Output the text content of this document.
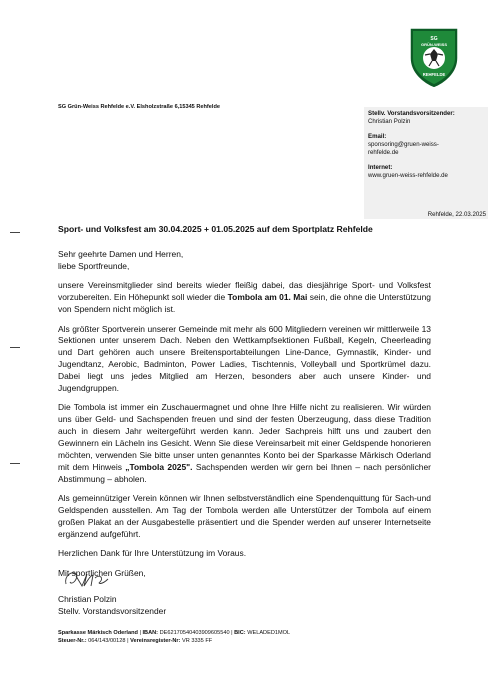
SG
GRÜN-WEISS
REHFELDE
SG Grün-Weiss Rehfelde e.V. Elsholzstraße 6,15345 Rehfelde
Stellv. Vorstandsvorsitzender:
Christian Polzin
Email:
sponsoring@gruen-weiss-rehfelde.de
Internet:
www.gruen-weiss-rehfelde.de
Rehfelde, 22.03.2025
Sport- und Volksfest am 30.04.2025 + 01.05.2025 auf dem Sportplatz Rehfelde

Sehr geehrte Damen und Herren,

liebe Sportfreunde,

unsere Vereinsmitglieder sind bereits wieder fleißig dabei, das diesjährige Sport- und Volksfest vorzubereiten. Ein Höhepunkt soll wieder die Tombola am 01. Mai sein, die ohne die Unterstützung von Spendern nicht möglich ist.

Als größter Sportverein unserer Gemeinde mit mehr als 600 Mitgliedern vereinen wir mittlerweile 13 Sektionen unter unserem Dach. Neben den Wettkampfsektionen Fußball, Kegeln, Cheerleading und Dart gehören auch unsere Breitensportabteilungen Line-Dance, Gymnastik, Kinder- und Jugendtanz, Aerobic, Badminton, Power Ladies, Tischtennis, Volleyball und Sportkrümel dazu. Dabei liegt uns jedes Mitglied am Herzen, besonders aber auch unsere Kinder- und Jugendgruppen.

Die Tombola ist immer ein Zuschauermagnet und ohne Ihre Hilfe nicht zu realisieren. Wir würden uns über Geld- und Sachspenden freuen und sind der festen Überzeugung, dass diese Tradition auch in diesem Jahr weitergeführt werden kann. Jeder Sachpreis hilft uns und zaubert den Gewinnern ein Lächeln ins Gesicht. Wenn Sie diese Vereinsarbeit mit einer Geldspende honorieren möchten, verwenden Sie bitte unser unten genanntes Konto bei der Sparkasse Märkisch Oderland mit dem Hinweis „Tombola 2025". Sachspenden werden wir gern bei Ihnen – nach persönlicher Abstimmung – abholen.

Als gemeinnütziger Verein können wir Ihnen selbstverständlich eine Spendenquittung für Sach-und Geldspenden ausstellen. Am Tag der Tombola werden alle Unterstützer der Tombola auf einem großen Plakat an der Ausgabestelle präsentiert und die Spender werden auf unserer Internetseite ergänzend aufgeführt.

Herzlichen Dank für Ihre Unterstützung im Voraus.

Mit sportlichen Grüßen,

Christian Polzin
Stellv. Vorstandsvorsitzender
Sparkasse Märkisch Oderland | IBAN: DE62170540403909605540 | BIC: WELADED1MOL
Steuer-Nr.: 064/143/00128 | Vereinsregister-Nr: VR 3335 FF
